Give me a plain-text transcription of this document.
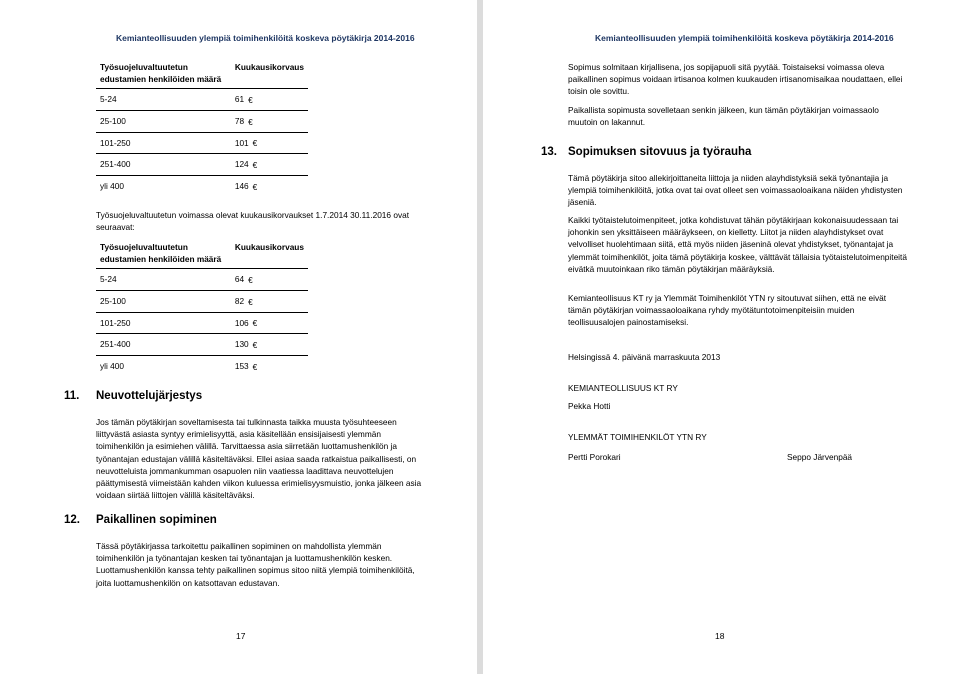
Kemianteollisuuden ylempiä toimihenkilöitä koskeva pöytäkirja 2014-2016
Työsuojeluvaltuutetun edustamien henkilöiden määrä	Kuukausikorvaus
5-24	61 €
25-100	78 €
101-250	101 €
251-400	124 €
yli 400	146 €
Työsuojeluvaltuutetun voimassa olevat kuukausikorvaukset 1.7.2014 30.11.2016 ovat seuraavat:
Työsuojeluvaltuutetun edustamien henkilöiden määrä	Kuukausikorvaus
5-24	64 €
25-100	82 €
101-250	106 €
251-400	130 €
yli 400	153 €
11. Neuvottelujärjestys
Jos tämän pöytäkirjan soveltamisesta tai tulkinnasta taikka muusta työsuhteeseen liittyvästä asiasta syntyy erimielisyyttä, asia käsitellään ensisijaisesti ylemmän toimihenkilön ja esimiehen välillä. Tarvittaessa asia siirretään luottamushenkilön ja työnantajan edustajan välillä käsiteltäväksi. Ellei asiaa saada ratkaistua paikallisesti, on neuvotteluista jommankumman osapuolen niin vaatiessa laadittava neuvottelujen päättymisestä viimeistään kahden viikon kuluessa erimielisyysmuistio, jonka jälkeen asia voidaan siirtää liittojen välillä käsiteltäväksi.
12. Paikallinen sopiminen
Tässä pöytäkirjassa tarkoitettu paikallinen sopiminen on mahdollista ylemmän toimihenkilön ja työnantajan kesken tai työnantajan ja luottamushenkilön kesken. Luottamushenkilön kanssa tehty paikallinen sopimus sitoo niitä ylempiä toimihenkilöitä, joita luottamushenkilön on katsottavan edustavan.
17
Kemianteollisuuden ylempiä toimihenkilöitä koskeva pöytäkirja 2014-2016
Sopimus solmitaan kirjallisena, jos sopijapuoli sitä pyytää. Toistaiseksi voimassa oleva paikallinen sopimus voidaan irtisanoa kolmen kuukauden irtisanomisaikaa noudattaen, ellei toisin ole sovittu.
Paikallista sopimusta sovelletaan senkin jälkeen, kun tämän pöytäkirjan voimassaolo muutoin on lakannut.
13. Sopimuksen sitovuus ja työrauha
Tämä pöytäkirja sitoo allekirjoittaneita liittoja ja niiden alayhdistyksiä sekä työnantajia ja ylempiä toimihenkilöitä, jotka ovat tai ovat olleet sen voimassaoloaikana näiden yhdistysten jäseniä.
Kaikki työtaistelutoimenpiteet, jotka kohdistuvat tähän pöytäkirjaan kokonaisuudessaan tai johonkin sen yksittäiseen määräykseen, on kielletty. Liitot ja niiden alayhdistykset ovat velvolliset huolehtimaan siitä, että myös niiden jäseninä olevat yhdistykset, työnantajat ja ylemmät toimihenkilöt, joita tämä pöytäkirja koskee, välttävät tällaisia työtaistelutoimenpiteitä eivätkä muutoinkaan riko tämän pöytäkirjan määräyksiä.
Kemianteollisuus KT ry ja Ylemmät Toimihenkilöt YTN ry sitoutuvat siihen, että ne eivät tämän pöytäkirjan voimassaoloaikana ryhdy myötätuntotoimenpiteisiin muiden teollisuusalojen painostamiseksi.
Helsingissä 4. päivänä marraskuuta 2013
KEMIANTEOLLISUUS KT RY
Pekka Hotti
YLEMMÄT TOIMIHENKILÖT YTN RY
Pertti Porokari	Seppo Järvenpää
18
